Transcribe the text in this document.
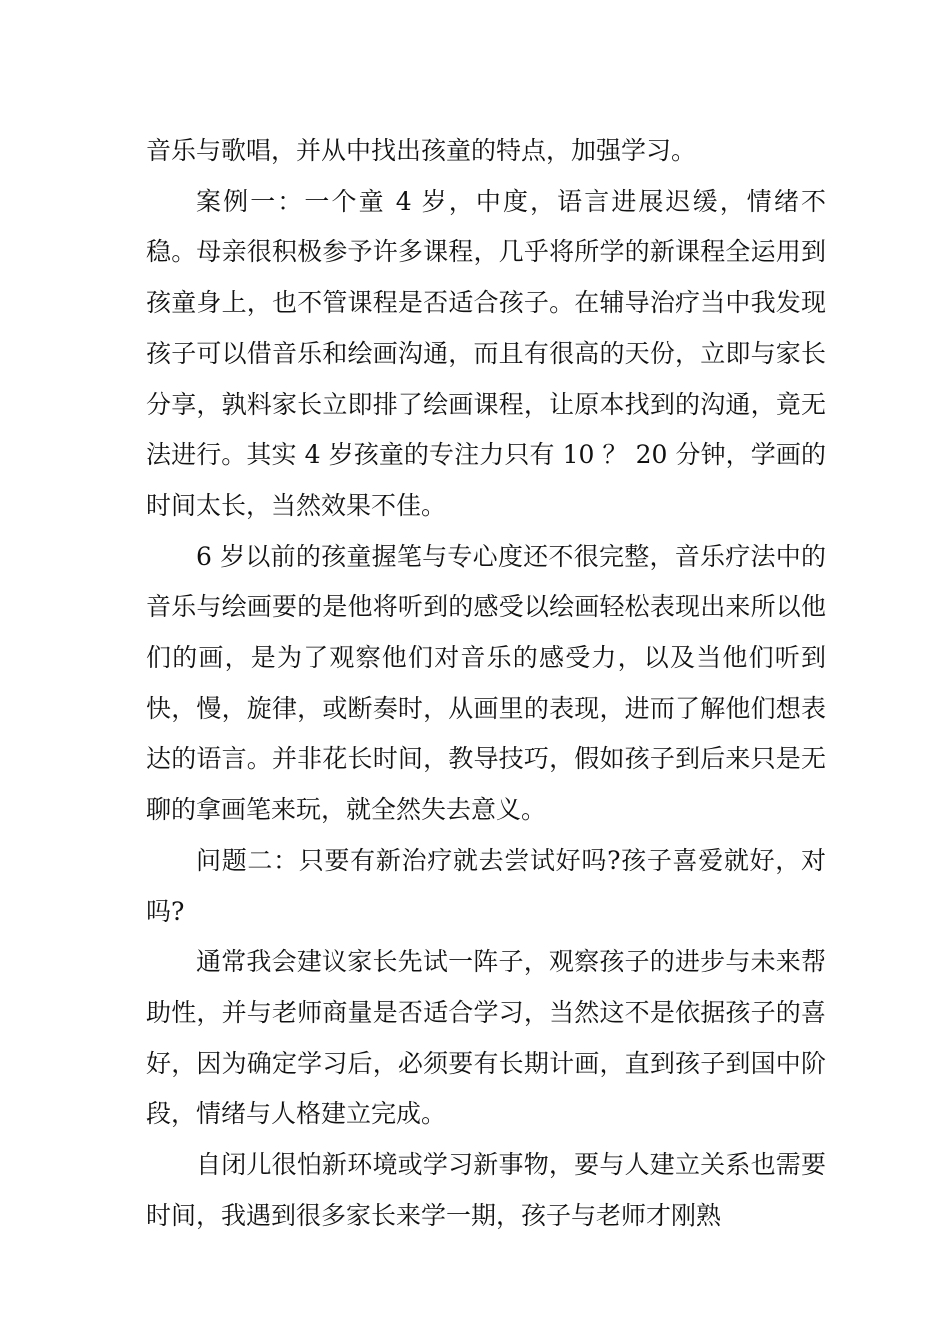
音乐与歌唱，并从中找出孩童的特点，加强学习。

案例一：一个童 4 岁，中度，语言进展迟缓，情绪不稳。母亲很积极参予许多课程，几乎将所学的新课程全运用到孩童身上，也不管课程是否适合孩子。在辅导治疗当中我发现孩子可以借音乐和绘画沟通，而且有很高的天份，立即与家长分享，孰料家长立即排了绘画课程，让原本找到的沟通，竟无法进行。其实 4 岁孩童的专注力只有 10 ？ 20 分钟，学画的时间太长，当然效果不佳。

6 岁以前的孩童握笔与专心度还不很完整，音乐疗法中的音乐与绘画要的是他将听到的感受以绘画轻松表现出来所以他们的画，是为了观察他们对音乐的感受力，以及当他们听到快，慢，旋律，或断奏时，从画里的表现，进而了解他们想表达的语言。并非花长时间，教导技巧，假如孩子到后来只是无聊的拿画笔来玩，就全然失去意义。

问题二：只要有新治疗就去尝试好吗?孩子喜爱就好，对吗?

通常我会建议家长先试一阵子，观察孩子的进步与未来帮助性，并与老师商量是否适合学习，当然这不是依据孩子的喜好，因为确定学习后，必须要有长期计画，直到孩子到国中阶段，情绪与人格建立完成。

自闭儿很怕新环境或学习新事物，要与人建立关系也需要时间，我遇到很多家长来学一期，孩子与老师才刚熟
